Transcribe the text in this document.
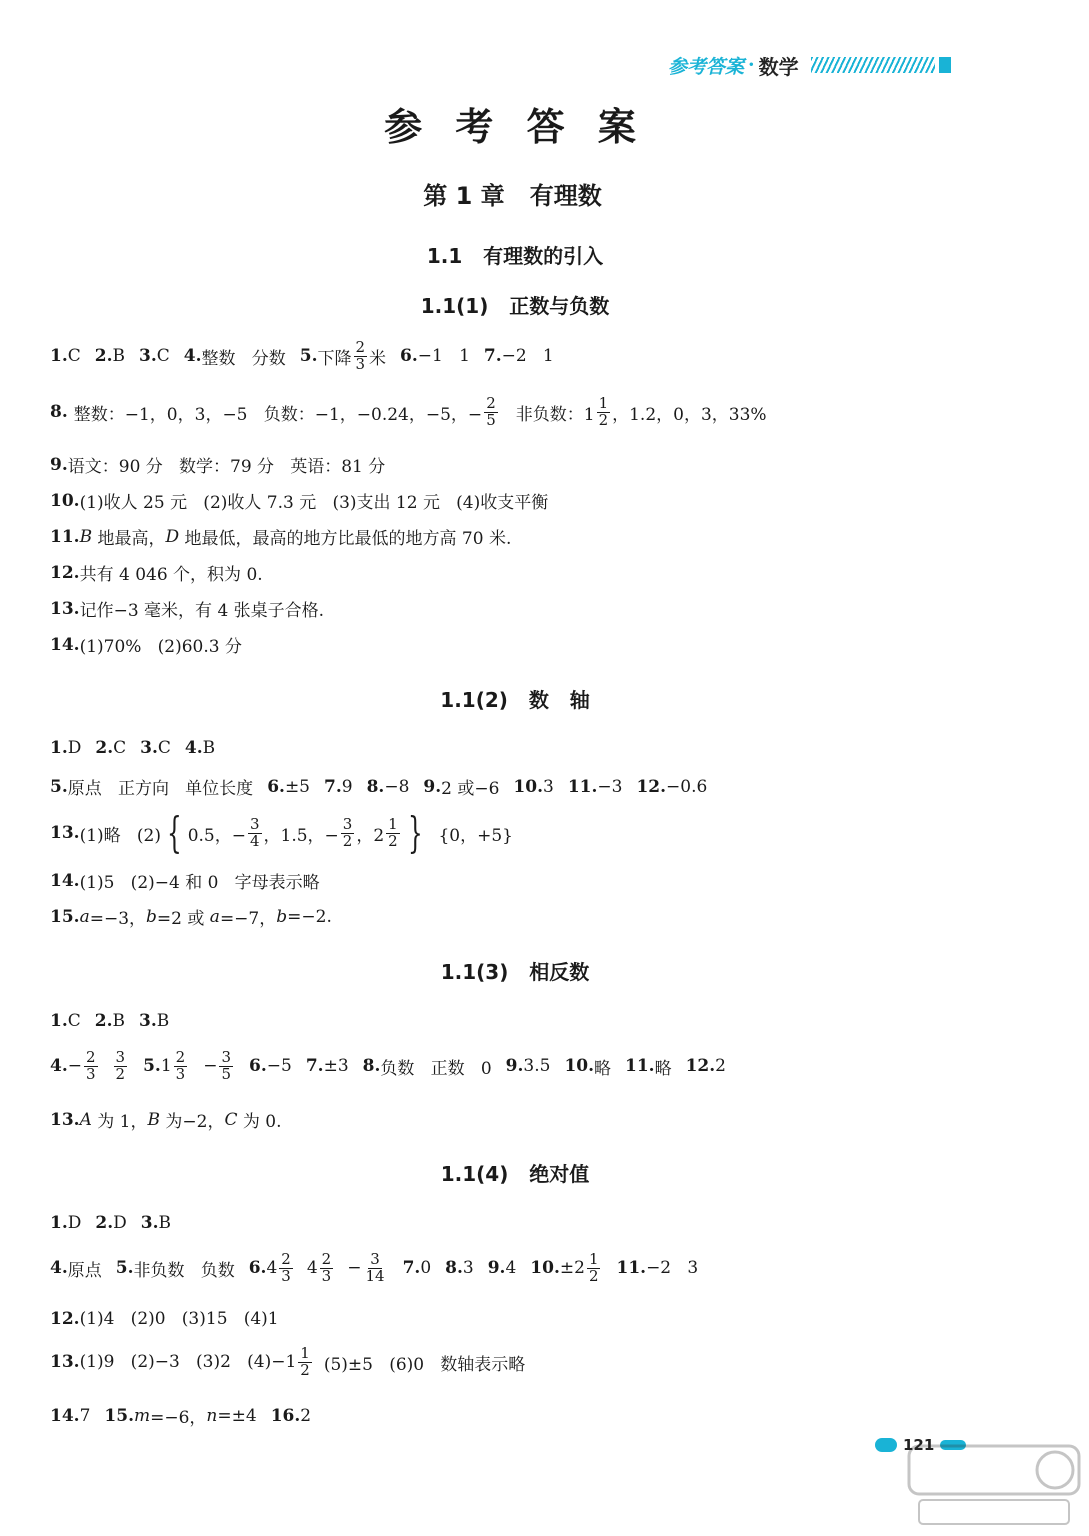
参考答案 · 数学
参 考 答 案
第 1 章   有理数
1.1   有理数的引入
1.1(1)   正数与负数
1. C 2. B 3. C 4. 整数   分数 5. 下降 $\frac{2}{3}$ 米 6. −1   1 7. −2   1
8. 整数：−1，0，3，−5   负数：−1，−0.24，−5，− $\frac{2}{5}$ 非负数：$1 \frac{1}{2}$ ，1.2，0，3，33%
9. 语文：90 分   数学：79 分   英语：81 分
10. (1)收人 25 元   (2)收人 7.3 元   (3)支出 12 元   (4)收支平衡
11. B 地最高， D 地最低，最高的地方比最低的地方高 70 米.
12. 共有 4 046 个，积为 0.
13. 记作−3 毫米，有 4 张桌子合格.
14. (1)70%   (2)60.3 分
1.1(2)   数   轴
1. D 2. C 3. C 4. B
5. 原点   正方向   单位长度 6. ±5 7. 9 8. −8 9. 2 或−6 10. 3 11. −3 12. −0.6
13. (1)略   (2) { 0.5，− $\frac{3}{4}$ ，1.5，− $\frac{3}{2}$ ，$2 \frac{1}{2}$ } {0，+5}
14. (1)5   (2)−4 和 0   字母表示略
15. a =−3， b =2 或 a =−7， b =−2.
1.1(3)   相反数
1. C 2. B 3. B
4. − $\frac{2}{3} \frac{3}{2} 5$. $1 \frac{2}{3} - \frac{3}{5} 6$. −5 7. ±3 8. 负数   正数   0 9. 3.5 10. 略 11. 略 12. 2
13. A 为 1， B 为−2， C 为 0.
1.1(4)   绝对值
1. D 2. D 3. B
4. 原点 5. 非负数   负数 6. $4 \frac{2}{3} 4 \frac{2}{3} - \frac{3}{14} 7$. 0 8. 3 9. 4 10. $\pm 2 \frac{1}{2} 11$. −2   3
12. (1)4   (2)0   (3)15   (4)1
13. (1)9   (2)−3   (3)2   $(4)-1 \frac{1}{2} (5)\pm 5$   (6)0   数轴表示略
14. 7 15. m =−6， n =±4 16. 2
121
